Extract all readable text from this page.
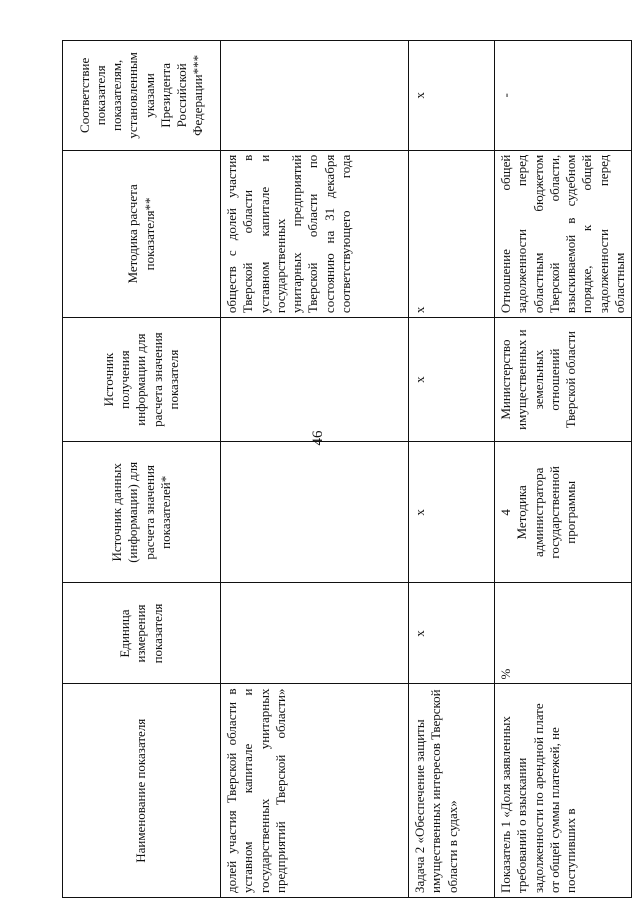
46
Наименование показателя	Единица измерения показателя	Источник данных (информации) для расчета значения показателей*	Источник получения информации для расчета значения показателя	Методика расчета показателя**	Соответствие показателя показателям, установленным указами Президента Российской Федерации***
долей участия Тверской области в уставном капитале и государственных унитарных предприятий Тверской области»				обществ с долей участия Тверской области в уставном капитале и государственных унитарных предприятий Тверской области по состоянию на 31 декабря соответствующего года	
Задача 2 «Обеспечение защиты имущественных интересов Тверской области в судах»	х	х	х	х	х
Показатель 1 «Доля заявленных требований о взыскании задолженности по арендной плате от общей суммы платежей, не поступивших в	%	4 Методика администратора государственной программы	Министерство имущественных и земельных отношений Тверской области	Отношение общей задолженности перед областным бюджетом Тверской области, взыскиваемой в судебном порядке, к общей задолженности перед областным	-
